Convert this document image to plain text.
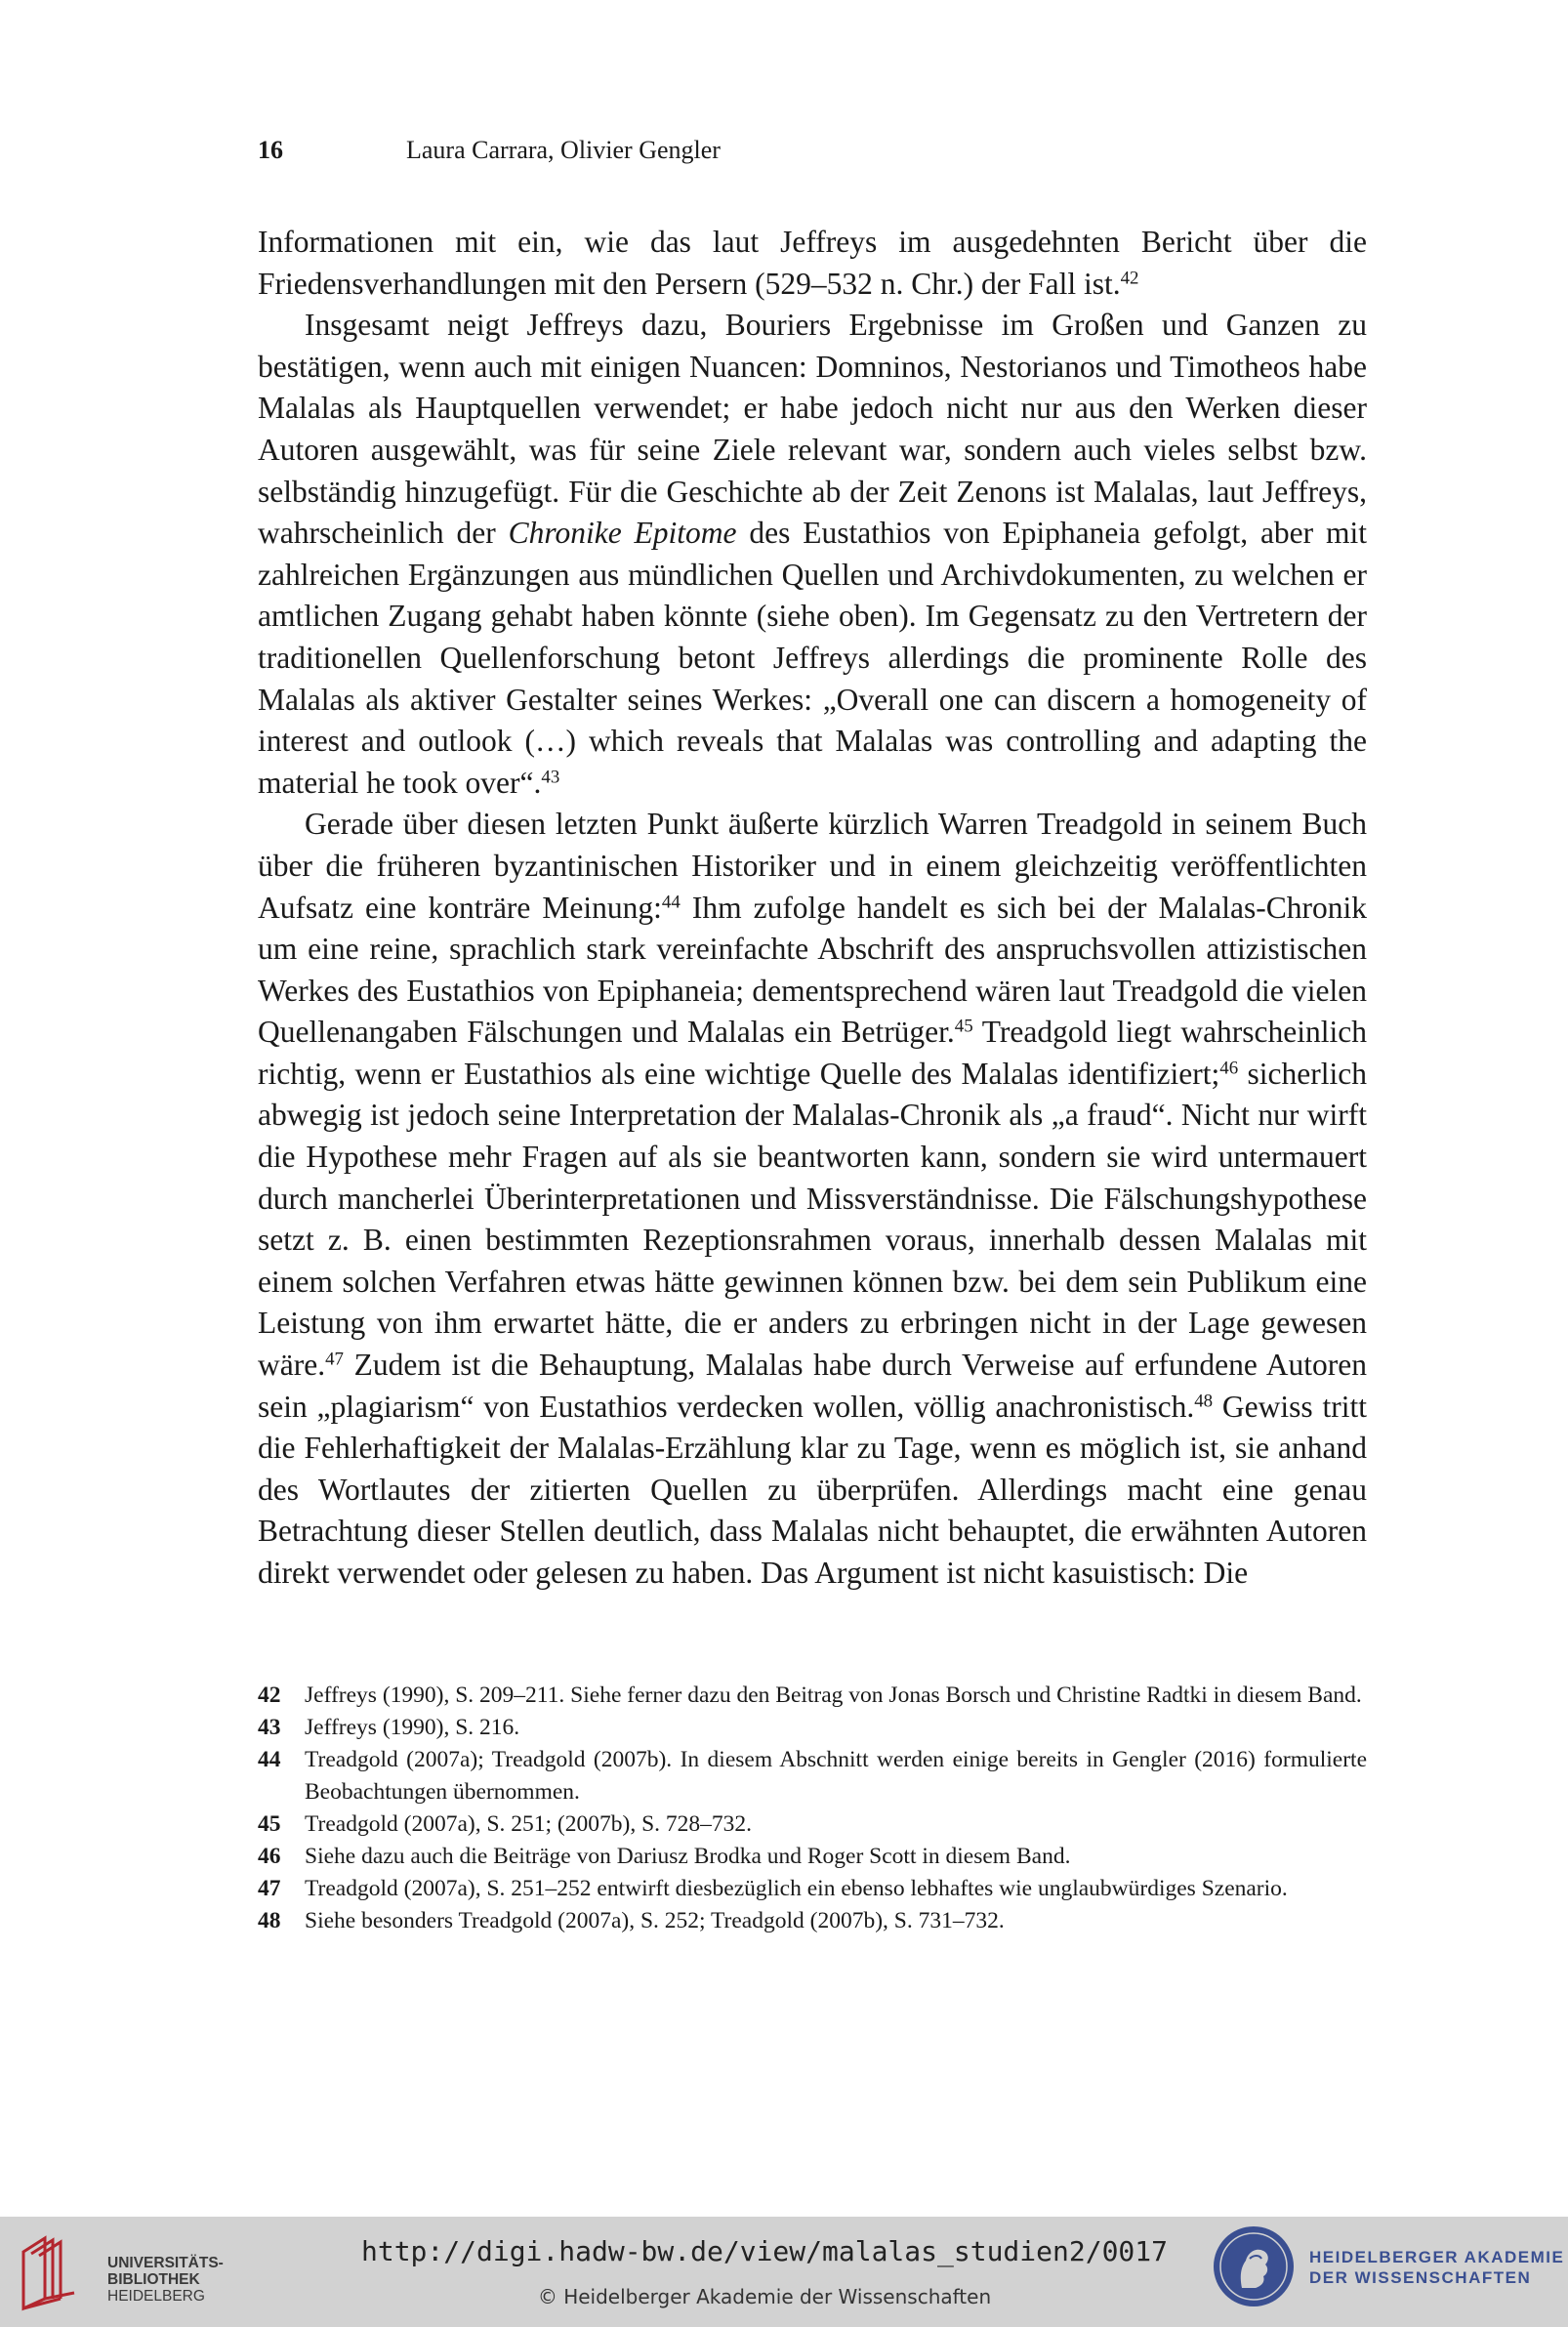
16	Laura Carrara, Olivier Gengler

Informationen mit ein, wie das laut Jeffreys im ausgedehnten Bericht über die Friedensverhandlungen mit den Persern (529–532 n. Chr.) der Fall ist.$^{42}$

Insgesamt neigt Jeffreys dazu, Bouriers Ergebnisse im Großen und Ganzen zu bestätigen, wenn auch mit einigen Nuancen: Domninos, Nestorianos und Timotheos habe Malalas als Hauptquellen verwendet; er habe jedoch nicht nur aus den Werken dieser Autoren ausgewählt, was für seine Ziele relevant war, sondern auch vieles selbst bzw. selbständig hinzugefügt. Für die Geschichte ab der Zeit Zenons ist Malalas, laut Jeffreys, wahrscheinlich der Chronike Epitome des Eustathios von Epiphaneia gefolgt, aber mit zahlreichen Ergänzungen aus mündlichen Quellen und Archivdokumenten, zu welchen er amtlichen Zugang gehabt haben könnte (siehe oben). Im Gegensatz zu den Vertretern der traditionellen Quellenforschung betont Jeffreys allerdings die prominente Rolle des Malalas als aktiver Gestalter seines Werkes: „Overall one can discern a homogeneity of interest and outlook (…) which reveals that Malalas was controlling and adapting the material he took over“.$^{43}$

Gerade über diesen letzten Punkt äußerte kürzlich Warren Treadgold in seinem Buch über die früheren byzantinischen Historiker und in einem gleichzeitig veröffentlichten Aufsatz eine konträre Meinung:$^{44}$ Ihm zufolge handelt es sich bei der Malalas-Chronik um eine reine, sprachlich stark vereinfachte Abschrift des anspruchsvollen attizistischen Werkes des Eustathios von Epiphaneia; dementsprechend wären laut Treadgold die vielen Quellenangaben Fälschungen und Malalas ein Betrüger.$^{45}$ Treadgold liegt wahrscheinlich richtig, wenn er Eustathios als eine wichtige Quelle des Malalas identifiziert;$^{46}$ sicherlich abwegig ist jedoch seine Interpretation der Malalas-Chronik als „a fraud“. Nicht nur wirft die Hypothese mehr Fragen auf als sie beantworten kann, sondern sie wird untermauert durch mancherlei Überinterpretationen und Missverständnisse. Die Fälschungshypothese setzt z. B. einen bestimmten Rezeptionsrahmen voraus, innerhalb dessen Malalas mit einem solchen Verfahren etwas hätte gewinnen können bzw. bei dem sein Publikum eine Leistung von ihm erwartet hätte, die er anders zu erbringen nicht in der Lage gewesen wäre.$^{47}$ Zudem ist die Behauptung, Malalas habe durch Verweise auf erfundene Autoren sein „plagiarism“ von Eustathios verdecken wollen, völlig anachronistisch.$^{48}$ Gewiss tritt die Fehlerhaftigkeit der Malalas-Erzählung klar zu Tage, wenn es möglich ist, sie anhand des Wortlautes der zitierten Quellen zu überprüfen. Allerdings macht eine genau Betrachtung dieser Stellen deutlich, dass Malalas nicht behauptet, die erwähnten Autoren direkt verwendet oder gelesen zu haben. Das Argument ist nicht kasuistisch: Die

42	Jeffreys (1990), S. 209–211. Siehe ferner dazu den Beitrag von Jonas Borsch und Christine Radtki in diesem Band.
43	Jeffreys (1990), S. 216.
44	Treadgold (2007a); Treadgold (2007b). In diesem Abschnitt werden einige bereits in Gengler (2016) formulierte Beobachtungen übernommen.
45	Treadgold (2007a), S. 251; (2007b), S. 728–732.
46	Siehe dazu auch die Beiträge von Dariusz Brodka und Roger Scott in diesem Band.
47	Treadgold (2007a), S. 251–252 entwirft diesbezüglich ein ebenso lebhaftes wie unglaubwürdiges Szenario.
48	Siehe besonders Treadgold (2007a), S. 252; Treadgold (2007b), S. 731–732.
UNIVERSITÄTS-
BIBLIOTHEK
HEIDELBERG
http://digi.hadw-bw.de/view/malalas_studien2/0017
© Heidelberger Akademie der Wissenschaften
HEIDELBERGER AKADEMIE
DER WISSENSCHAFTEN
